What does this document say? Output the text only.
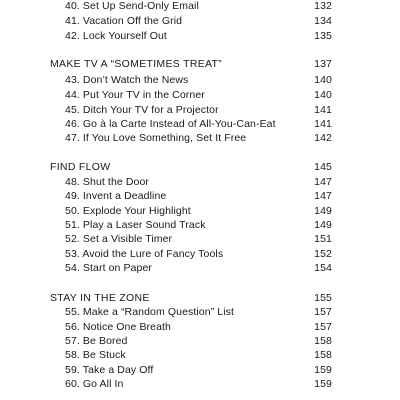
40. Set Up Send-Only Email	132
41. Vacation Off the Grid	134
42. Lock Yourself Out	135
MAKE TV A “SOMETIMES TREAT”	137
43. Don’t Watch the News	140
44. Put Your TV in the Corner	140
45. Ditch Your TV for a Projector	141
46. Go à la Carte Instead of All-You-Can-Eat	141
47. If You Love Something, Set It Free	142
FIND FLOW	145
48. Shut the Door	147
49. Invent a Deadline	147
50. Explode Your Highlight	149
51. Play a Laser Sound Track	149
52. Set a Visible Timer	151
53. Avoid the Lure of Fancy Tools	152
54. Start on Paper	154
STAY IN THE ZONE	155
55. Make a “Random Question” List	157
56. Notice One Breath	157
57. Be Bored	158
58. Be Stuck	158
59. Take a Day Off	159
60. Go All In	159
